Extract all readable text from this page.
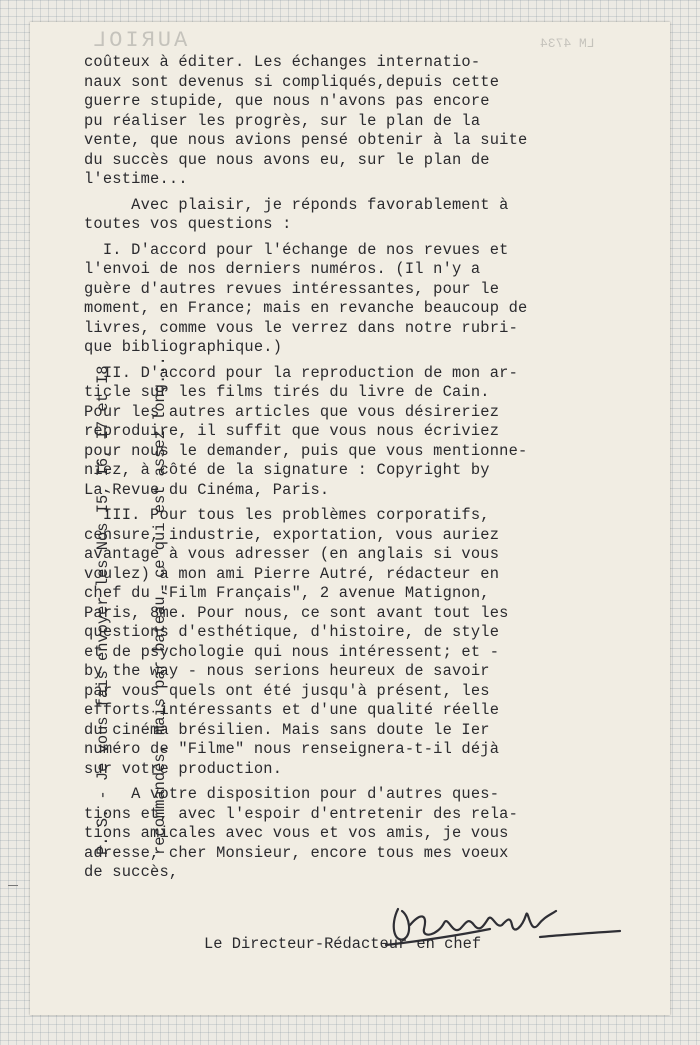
AURIOL	LM 4734
coûteux à éditer. Les échanges internatio-
naux sont devenus si compliqués,depuis cette
guerre stupide, que nous n'avons pas encore
pu réaliser les progrès, sur le plan de la
vente, que nous avions pensé obtenir à la suite
du succès que nous avons eu, sur le plan de
l'estime...
Avec plaisir, je réponds favorablement à
toutes vos questions :
I. D'accord pour l'échange de nos revues et
l'envoi de nos derniers numéros. (Il n'y a
guère d'autres revues intéressantes, pour le
moment, en France; mais en revanche beaucoup de
livres, comme vous le verrez dans notre rubri-
que bibliographique.)
II. D'accord pour la reproduction de mon ar-
ticle sur les films tirés du livre de Cain.
Pour les autres articles que vous désireriez
reproduire, il suffit que vous nous écriviez
pour nous le demander, puis que vous mentionne-
niez, à côté de la signature : Copyright by
La Revue du Cinéma, Paris.
III. Pour tous les problèmes corporatifs,
censure, industrie, exportation, vous auriez
avantage à vous adresser (en anglais si vous
voulez) à mon ami Pierre Autré, rédacteur en
chef du "Film Français", 2 avenue Matignon,
Paris, 8me. Pour nous, ce sont avant tout les
questions d'esthétique, d'histoire, de style
et de psychologie qui nous intéressent; et -
by the way - nous serions heureux de savoir
par vous quels ont été jusqu'à présent, les
efforts intéressants et d'une qualité réelle
du cinéma brésilien. Mais sans doute le Ier
numéro de "Filme" nous renseignera-t-il déjà
sur votre production.
A votre disposition pour d'autres ques-
tions et, avec l'espoir d'entretenir des rela-
tions amicales avec vous et vos amis, je vous
adresse, cher Monsieur, encore tous mes voeux
de succès,

P. S. - Je vous fais envoyer les Nos I5, I6, I7 et I8

	recommandés, mais par bateau, ce qui est assez long...

Le Directeur-Rédacteur en chef
